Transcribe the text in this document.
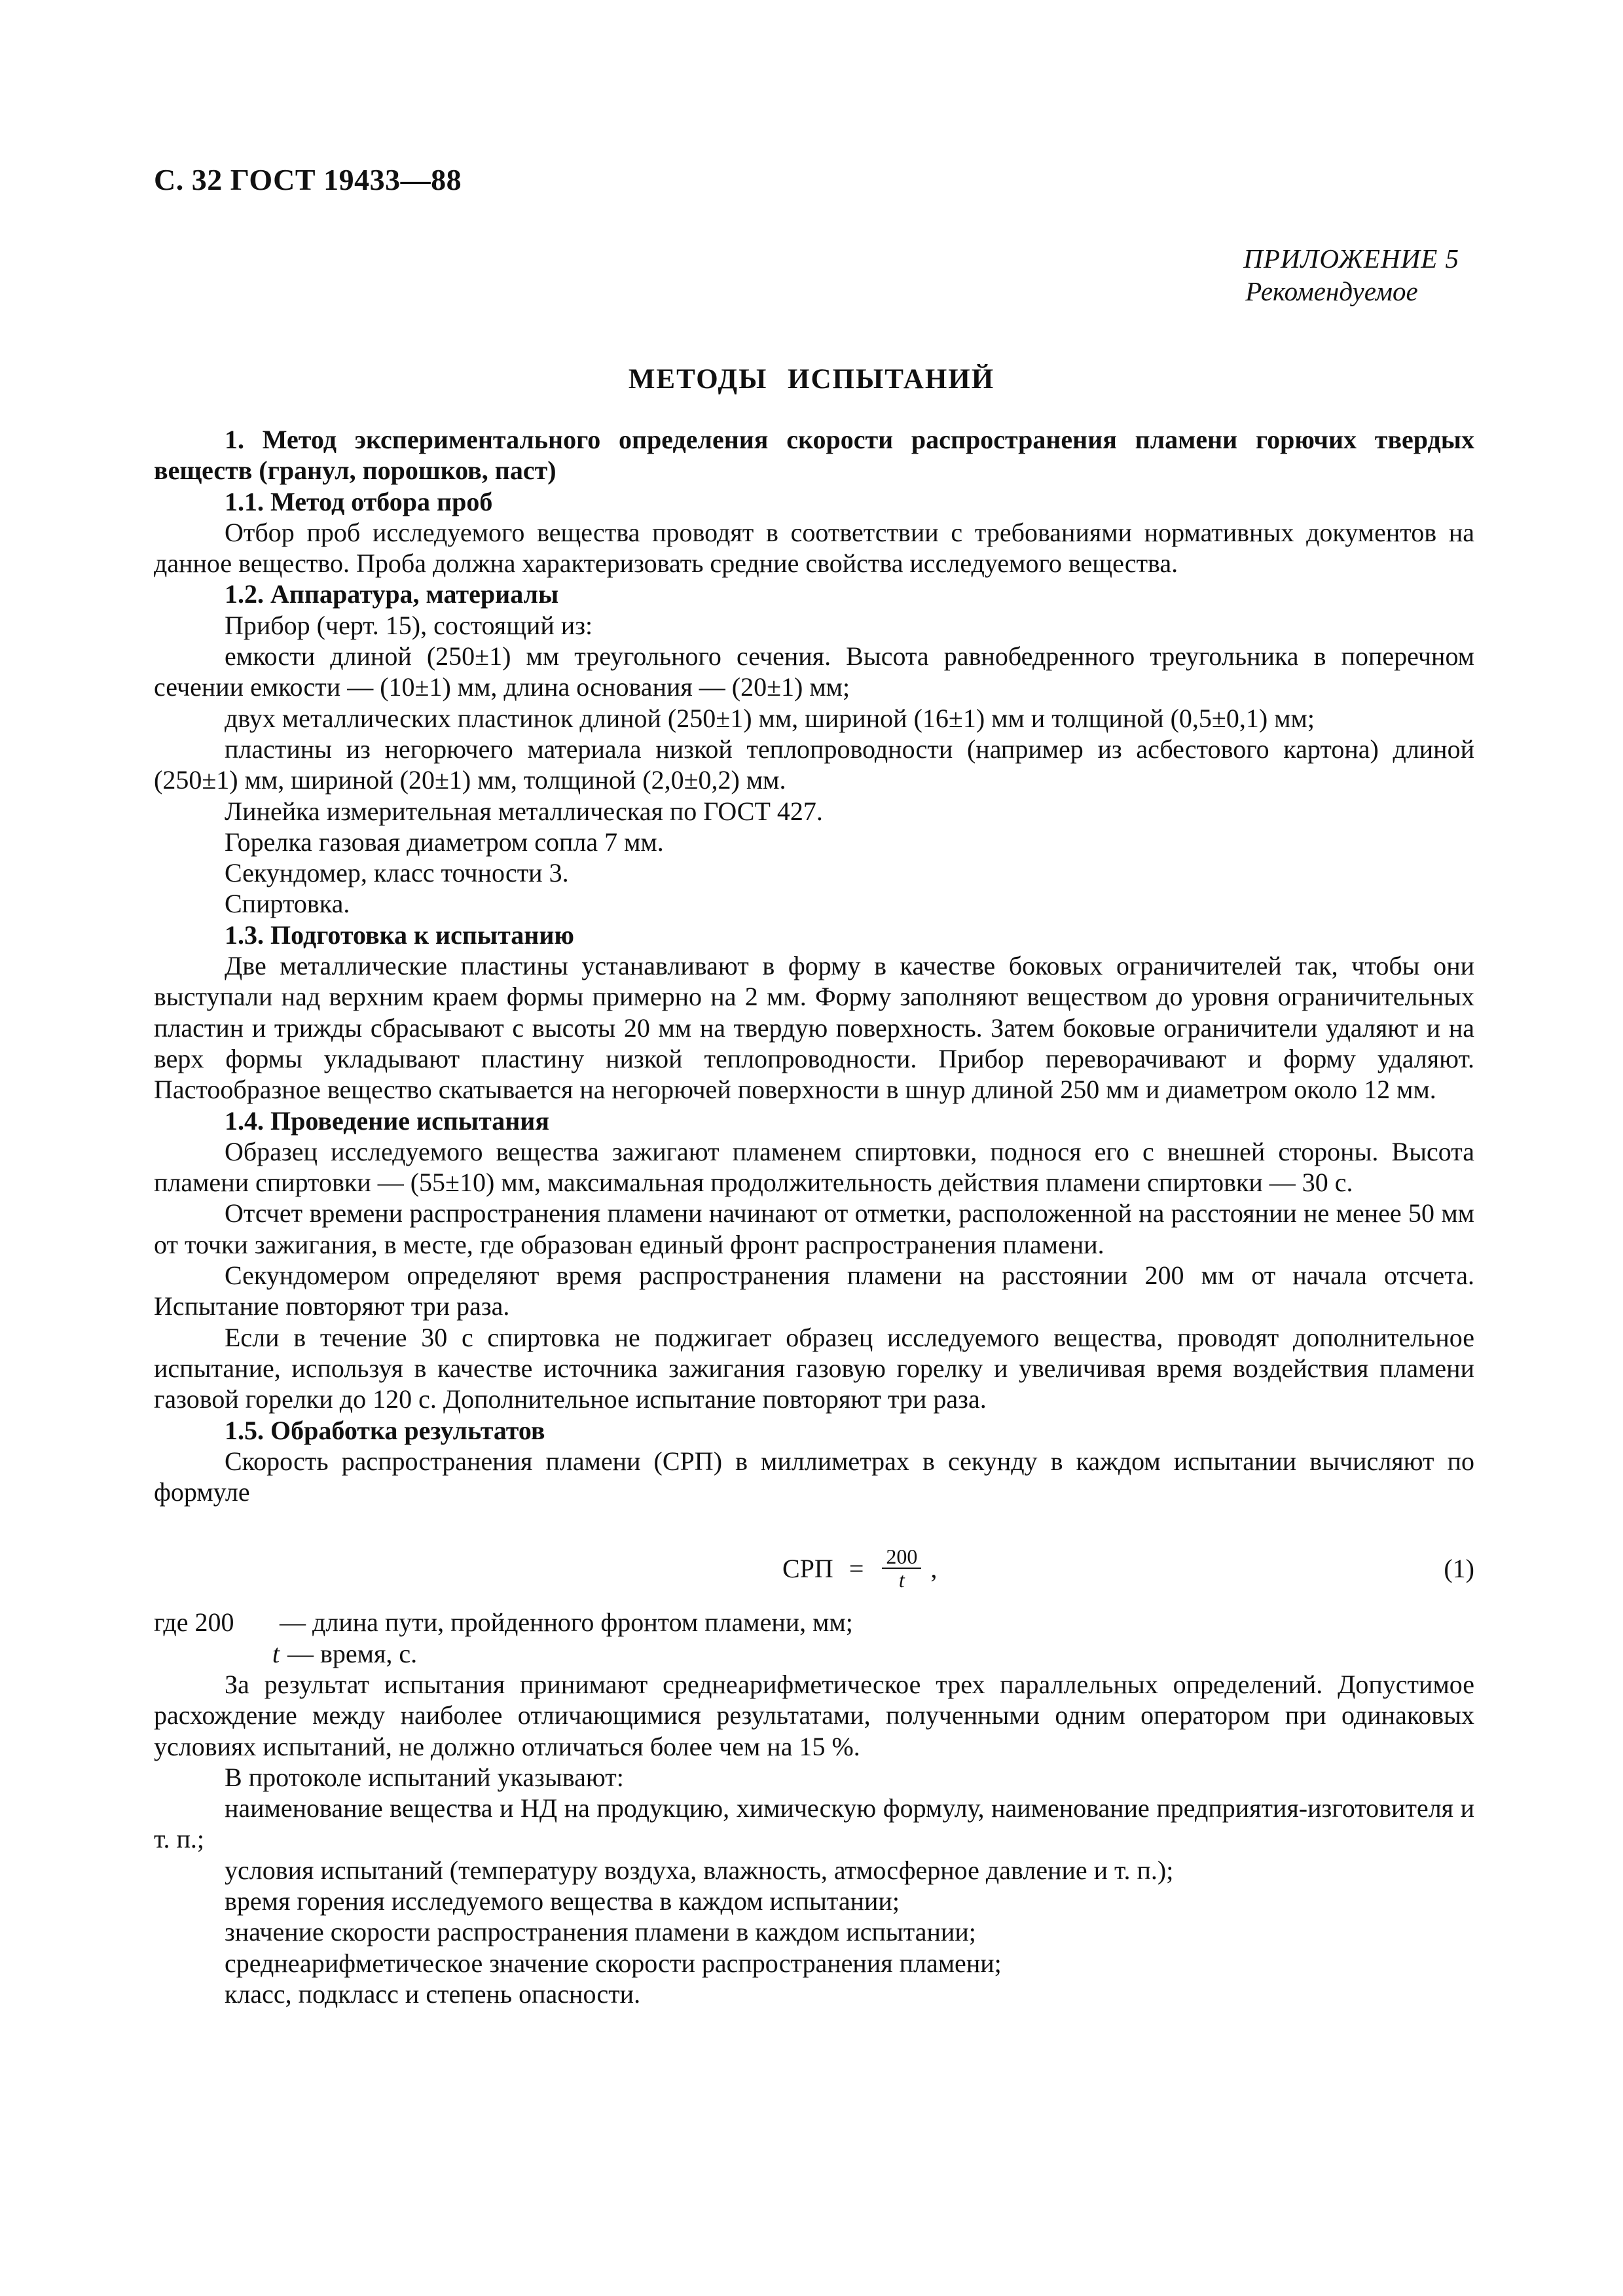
С. 32 ГОСТ 19433—88
ПРИЛОЖЕНИЕ 5
Рекомендуемое
МЕТОДЫ ИСПЫТАНИЙ

1. Метод экспериментального определения скорости распространения пламени горючих твердых веществ (гранул, порошков, паст)

1.1. Метод отбора проб

Отбор проб исследуемого вещества проводят в соответствии с требованиями нормативных документов на данное вещество. Проба должна характеризовать средние свойства исследуемого вещества.

1.2. Аппаратура, материалы

Прибор (черт. 15), состоящий из:

емкости длиной (250±1) мм треугольного сечения. Высота равнобедренного треугольника в поперечном сечении емкости — (10±1) мм, длина основания — (20±1) мм;

двух металлических пластинок длиной (250±1) мм, шириной (16±1) мм и толщиной (0,5±0,1) мм;

пластины из негорючего материала низкой теплопроводности (например из асбестового картона) длиной (250±1) мм, шириной (20±1) мм, толщиной (2,0±0,2) мм.

Линейка измерительная металлическая по ГОСТ 427.

Горелка газовая диаметром сопла 7 мм.

Секундомер, класс точности 3.

Спиртовка.

1.3. Подготовка к испытанию

Две металлические пластины устанавливают в форму в качестве боковых ограничителей так, чтобы они выступали над верхним краем формы примерно на 2 мм. Форму заполняют веществом до уровня ограничительных пластин и трижды сбрасывают с высоты 20 мм на твердую поверхность. Затем боковые ограничители удаляют и на верх формы укладывают пластину низкой теплопроводности. Прибор переворачивают и форму удаляют. Пастообразное вещество скатывается на негорючей поверхности в шнур длиной 250 мм и диаметром около 12 мм.

1.4. Проведение испытания

Образец исследуемого вещества зажигают пламенем спиртовки, поднося его с внешней стороны. Высота пламени спиртовки — (55±10) мм, максимальная продолжительность действия пламени спиртовки — 30 с.

Отсчет времени распространения пламени начинают от отметки, расположенной на расстоянии не менее 50 мм от точки зажигания, в месте, где образован единый фронт распространения пламени.

Секундомером определяют время распространения пламени на расстоянии 200 мм от начала отсчета. Испытание повторяют три раза.

Если в течение 30 с спиртовка не поджигает образец исследуемого вещества, проводят дополнительное испытание, используя в качестве источника зажигания газовую горелку и увеличивая время воздействия пламени газовой горелки до 120 с. Дополнительное испытание повторяют три раза.

1.5. Обработка результатов

Скорость распространения пламени (СРП) в миллиметрах в секунду в каждом испытании вычисляют по формуле

СРП = $\frac{200}{t}$ ,	(1)
где 200	— длина пути, пройденного фронтом пламени, мм;
t — время, с.

За результат испытания принимают среднеарифметическое трех параллельных определений. Допустимое расхождение между наиболее отличающимися результатами, полученными одним оператором при одинаковых условиях испытаний, не должно отличаться более чем на 15 %.

В протоколе испытаний указывают:

наименование вещества и НД на продукцию, химическую формулу, наименование предприятия-изготовителя и т. п.;

условия испытаний (температуру воздуха, влажность, атмосферное давление и т. п.);

время горения исследуемого вещества в каждом испытании;

значение скорости распространения пламени в каждом испытании;

среднеарифметическое значение скорости распространения пламени;

класс, подкласс и степень опасности.
